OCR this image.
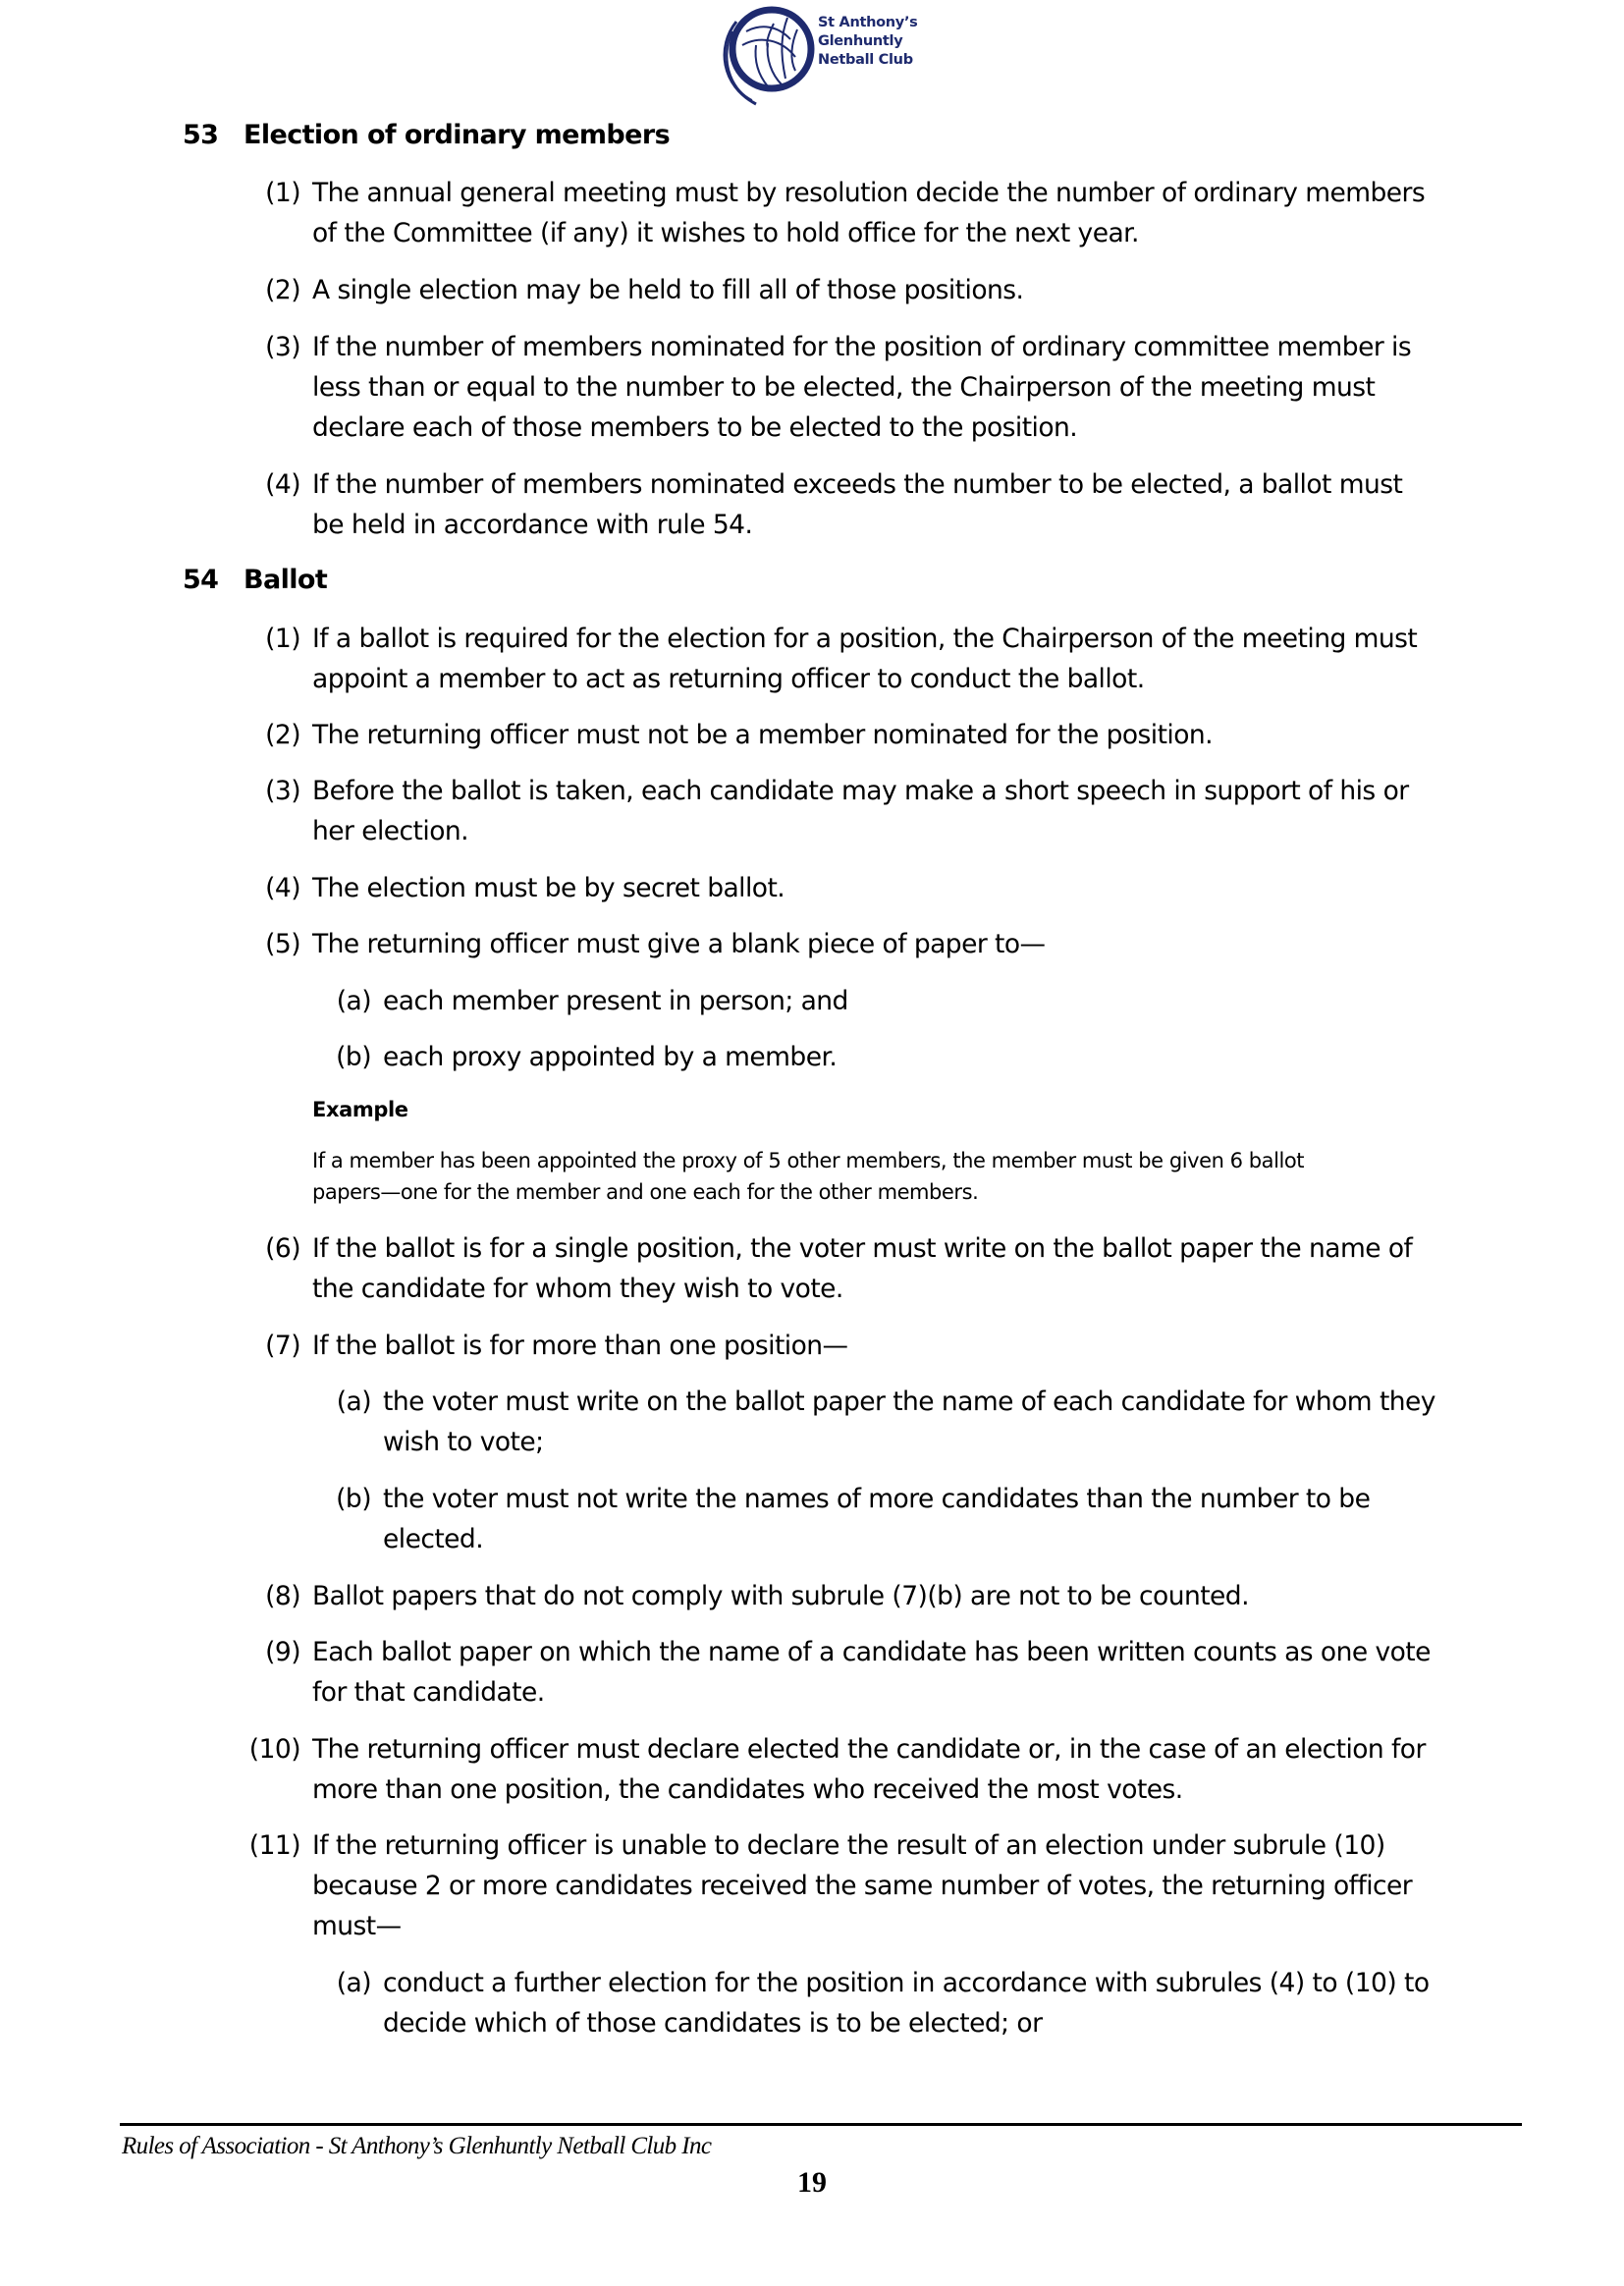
St Anthony’s
Glenhuntly
Netball Club
53 Election of ordinary members
(1) The annual general meeting must by resolution decide the number of ordinary members
of the Committee (if any) it wishes to hold office for the next year.
(2) A single election may be held to fill all of those positions.
(3) If the number of members nominated for the position of ordinary committee member is
less than or equal to the number to be elected, the Chairperson of the meeting must
declare each of those members to be elected to the position.
(4) If the number of members nominated exceeds the number to be elected, a ballot must
be held in accordance with rule 54.
54 Ballot
(1) If a ballot is required for the election for a position, the Chairperson of the meeting must
appoint a member to act as returning officer to conduct the ballot.
(2) The returning officer must not be a member nominated for the position.
(3) Before the ballot is taken, each candidate may make a short speech in support of his or
her election.
(4) The election must be by secret ballot.
(5) The returning officer must give a blank piece of paper to—
(a) each member present in person; and
(b) each proxy appointed by a member.
Example
If a member has been appointed the proxy of 5 other members, the member must be given 6 ballot
papers—one for the member and one each for the other members.
(6) If the ballot is for a single position, the voter must write on the ballot paper the name of
the candidate for whom they wish to vote.
(7) If the ballot is for more than one position—
(a) the voter must write on the ballot paper the name of each candidate for whom they
wish to vote;
(b) the voter must not write the names of more candidates than the number to be
elected.
(8) Ballot papers that do not comply with subrule (7)(b) are not to be counted.
(9) Each ballot paper on which the name of a candidate has been written counts as one vote
for that candidate.
(10) The returning officer must declare elected the candidate or, in the case of an election for
more than one position, the candidates who received the most votes.
(11) If the returning officer is unable to declare the result of an election under subrule (10)
because 2 or more candidates received the same number of votes, the returning officer
must—
(a) conduct a further election for the position in accordance with subrules (4) to (10) to
decide which of those candidates is to be elected; or
Rules of Association - St Anthony’s Glenhuntly Netball Club Inc
19
